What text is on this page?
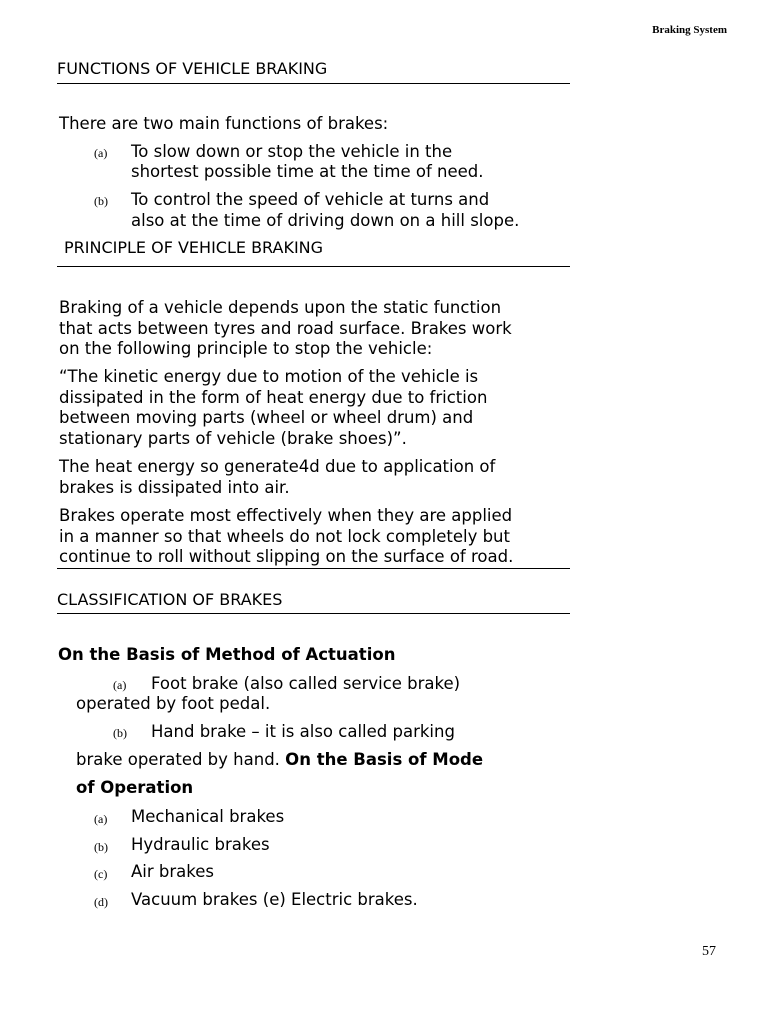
Braking System
FUNCTIONS OF VEHICLE BRAKING
There are two main functions of brakes:
(a) To slow down or stop the vehicle in the
shortest possible time at the time of need.
(b) To control the speed of vehicle at turns and
also at the time of driving down on a hill slope.
PRINCIPLE OF VEHICLE BRAKING
Braking of a vehicle depends upon the static function
that acts between tyres and road surface. Brakes work
on the following principle to stop the vehicle:
“The kinetic energy due to motion of the vehicle is
dissipated in the form of heat energy due to friction
between moving parts (wheel or wheel drum) and
stationary parts of vehicle (brake shoes)”.
The heat energy so generate4d due to application of
brakes is dissipated into air.
Brakes operate most effectively when they are applied
in a manner so that wheels do not lock completely but
continue to roll without slipping on the surface of road.
CLASSIFICATION OF BRAKES
On the Basis of Method of Actuation
(a) Foot brake (also called service brake)
operated by foot pedal.
(b) Hand brake – it is also called parking
brake operated by hand. On the Basis of Mode
of Operation
(a) Mechanical brakes
(b) Hydraulic brakes
(c) Air brakes
(d) Vacuum brakes (e) Electric brakes.
57
